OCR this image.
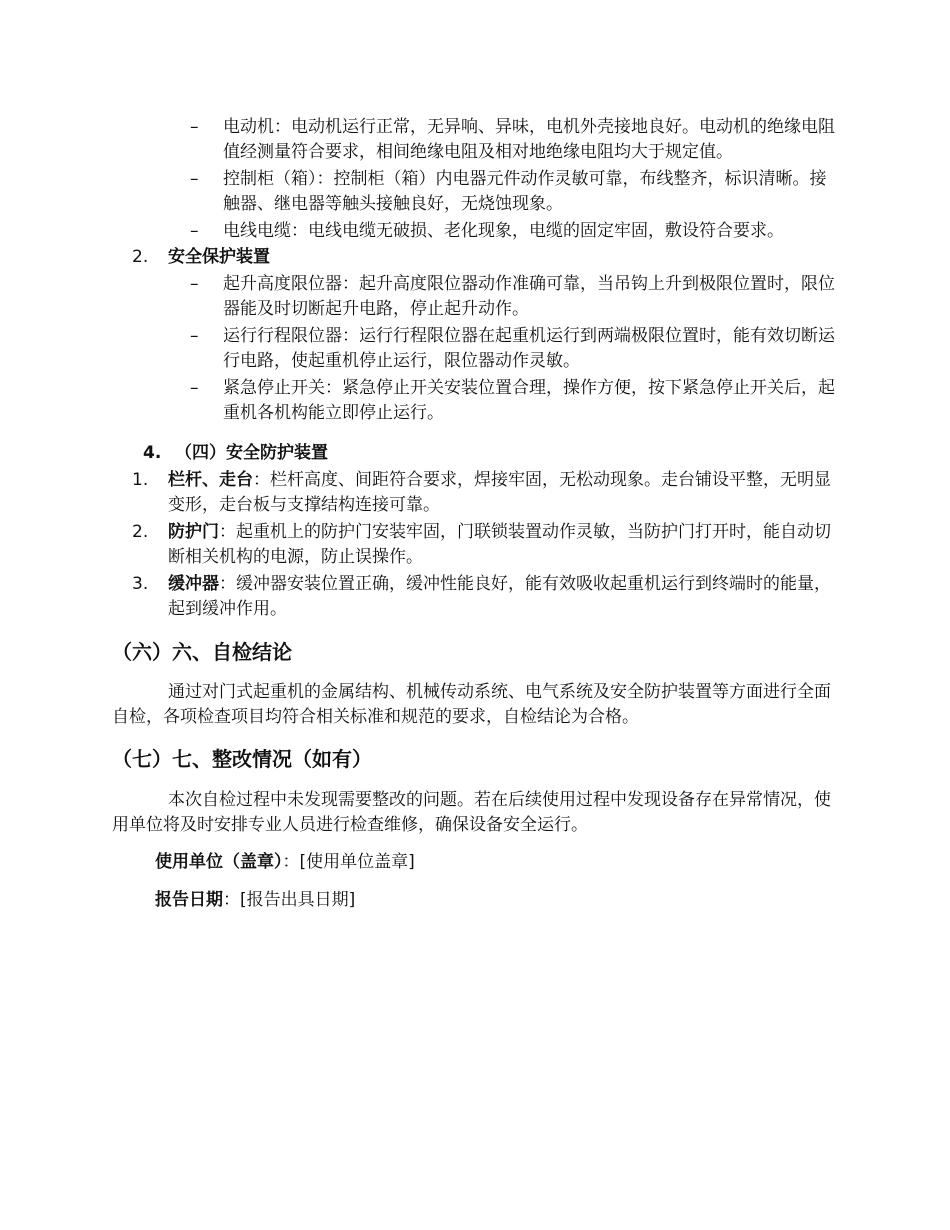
–	电动机：电动机运行正常，无异响、异味，电机外壳接地良好。电动机的绝缘电阻值经测量符合要求，相间绝缘电阻及相对地绝缘电阻均大于规定值。
–	控制柜（箱）：控制柜（箱）内电器元件动作灵敏可靠，布线整齐，标识清晰。接触器、继电器等触头接触良好，无烧蚀现象。
–	电线电缆：电线电缆无破损、老化现象，电缆的固定牢固，敷设符合要求。
2.	安全保护装置
–	起升高度限位器：起升高度限位器动作准确可靠，当吊钩上升到极限位置时，限位器能及时切断起升电路，停止起升动作。
–	运行行程限位器：运行行程限位器在起重机运行到两端极限位置时，能有效切断运行电路，使起重机停止运行，限位器动作灵敏。
–	紧急停止开关：紧急停止开关安装位置合理，操作方便，按下紧急停止开关后，起重机各机构能立即停止运行。
4. （四）安全防护装置
1.	栏杆、走台：栏杆高度、间距符合要求，焊接牢固，无松动现象。走台铺设平整，无明显变形，走台板与支撑结构连接可靠。
2.	防护门：起重机上的防护门安装牢固，门联锁装置动作灵敏，当防护门打开时，能自动切断相关机构的电源，防止误操作。
3.	缓冲器：缓冲器安装位置正确，缓冲性能良好，能有效吸收起重机运行到终端时的能量，起到缓冲作用。
（六）六、自检结论
通过对门式起重机的金属结构、机械传动系统、电气系统及安全防护装置等方面进行全面自检，各项检查项目均符合相关标准和规范的要求，自检结论为合格。
（七）七、整改情况（如有）
本次自检过程中未发现需要整改的问题。若在后续使用过程中发现设备存在异常情况，使用单位将及时安排专业人员进行检查维修，确保设备安全运行。
使用单位（盖章）：[使用单位盖章]
报告日期：[报告出具日期]
